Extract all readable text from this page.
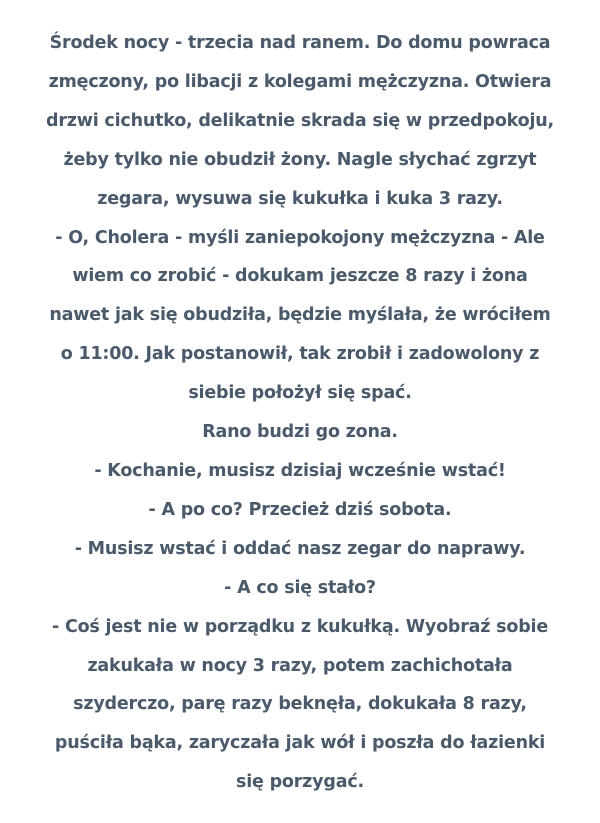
Środek nocy - trzecia nad ranem. Do domu powraca

zmęczony, po libacji z kolegami mężczyzna. Otwiera

drzwi cichutko, delikatnie skrada się w przedpokoju,

żeby tylko nie obudził żony. Nagle słychać zgrzyt

zegara, wysuwa się kukułka i kuka 3 razy.

- O, Cholera - myśli zaniepokojony mężczyzna - Ale

wiem co zrobić - dokukam jeszcze 8 razy i żona

nawet jak się obudziła, będzie myślała, że wróciłem

o 11:00. Jak postanowił, tak zrobił i zadowolony z

siebie położył się spać.

Rano budzi go zona.

- Kochanie, musisz dzisiaj wcześnie wstać!

- A po co? Przecież dziś sobota.

- Musisz wstać i oddać nasz zegar do naprawy.

- A co się stało?

- Coś jest nie w porządku z kukułką. Wyobraź sobie

zakukała w nocy 3 razy, potem zachichotała

szyderczo, parę razy beknęła, dokukała 8 razy,

puściła bąka, zaryczała jak wół i poszła do łazienki

się porzygać.
